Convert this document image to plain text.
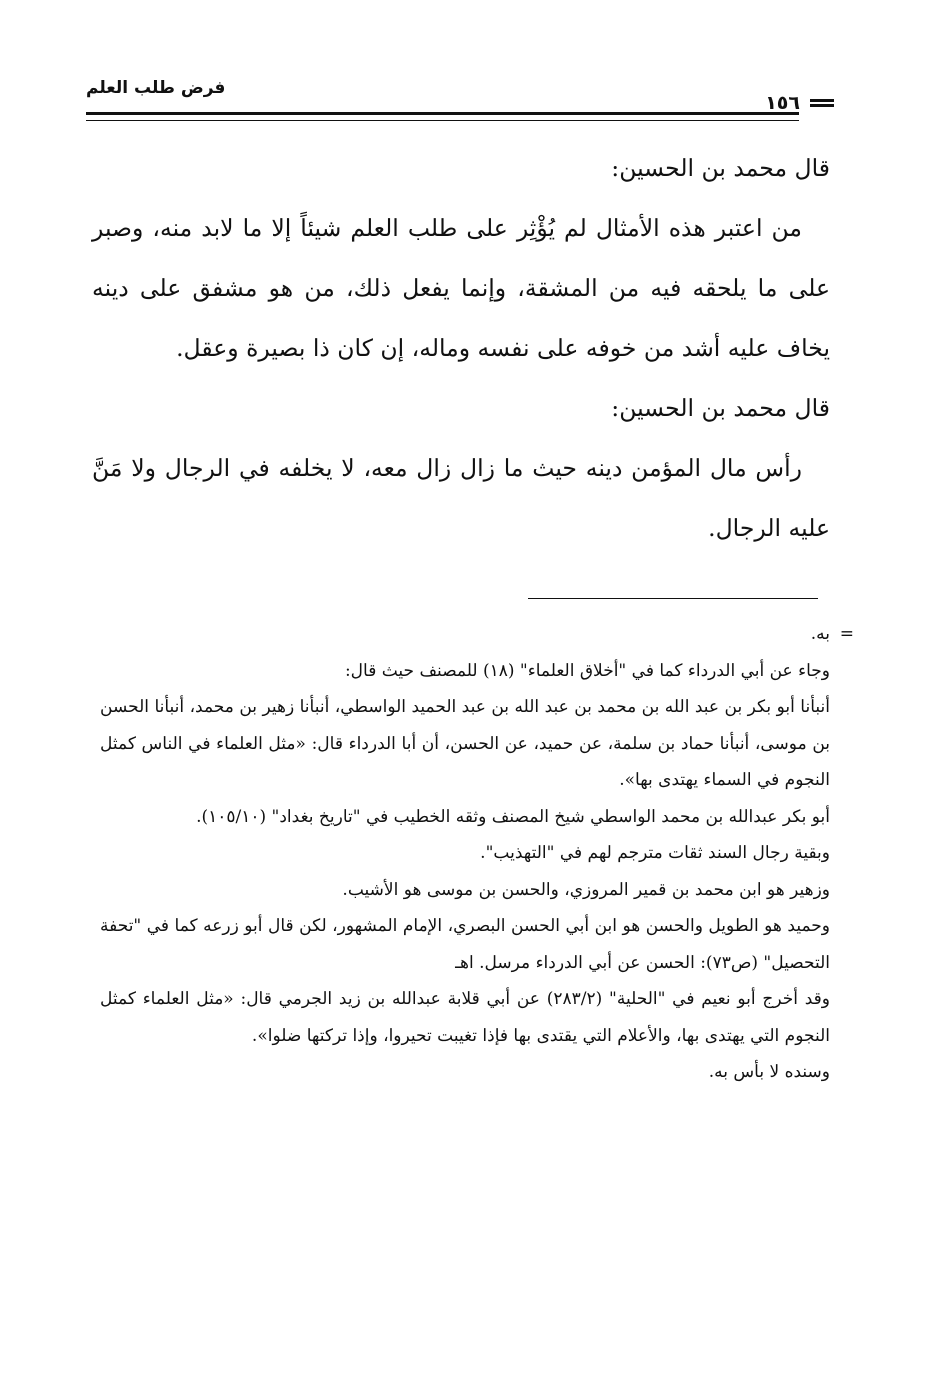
فرض طلب العلم
١٥٦

قال محمد بن الحسين:

من اعتبر هذه الأمثال لم يُؤْثِر على طلب العلم شيئاً إلا ما لابد منه، وصبر على ما يلحقه فيه من المشقة، وإنما يفعل ذلك، من هو مشفق على دينه يخاف عليه أشد من خوفه على نفسه وماله، إن كان ذا بصيرة وعقل.

قال محمد بن الحسين:

رأس مال المؤمن دينه حيث ما زال زال معه، لا يخلفه في الرجال ولا مَنَّ عليه الرجال.

=
به.

وجاء عن أبي الدرداء كما في "أخلاق العلماء" (١٨) للمصنف حيث قال:

أنبأنا أبو بكر بن عبد الله بن محمد بن عبد الله بن عبد الحميد الواسطي، أنبأنا زهير بن محمد، أنبأنا الحسن بن موسى، أنبأنا حماد بن سلمة، عن حميد، عن الحسن، أن أبا الدرداء قال: «مثل العلماء في الناس كمثل النجوم في السماء يهتدى بها».

أبو بكر عبدالله بن محمد الواسطي شيخ المصنف وثقه الخطيب في "تاريخ بغداد" (١٠٥/١٠).

وبقية رجال السند ثقات مترجم لهم في "التهذيب".

وزهير هو ابن محمد بن قمير المروزي، والحسن بن موسى هو الأشيب.

وحميد هو الطويل والحسن هو ابن أبي الحسن البصري، الإمام المشهور، لكن قال أبو زرعه كما في "تحفة التحصيل" (ص٧٣): الحسن عن أبي الدرداء مرسل. اهـ

وقد أخرج أبو نعيم في "الحلية" (٢٨٣/٢) عن أبي قلابة عبدالله بن زيد الجرمي قال: «مثل العلماء كمثل النجوم التي يهتدى بها، والأعلام التي يقتدى بها فإذا تغيبت تحيروا، وإذا تركتها ضلوا».

وسنده لا بأس به.
